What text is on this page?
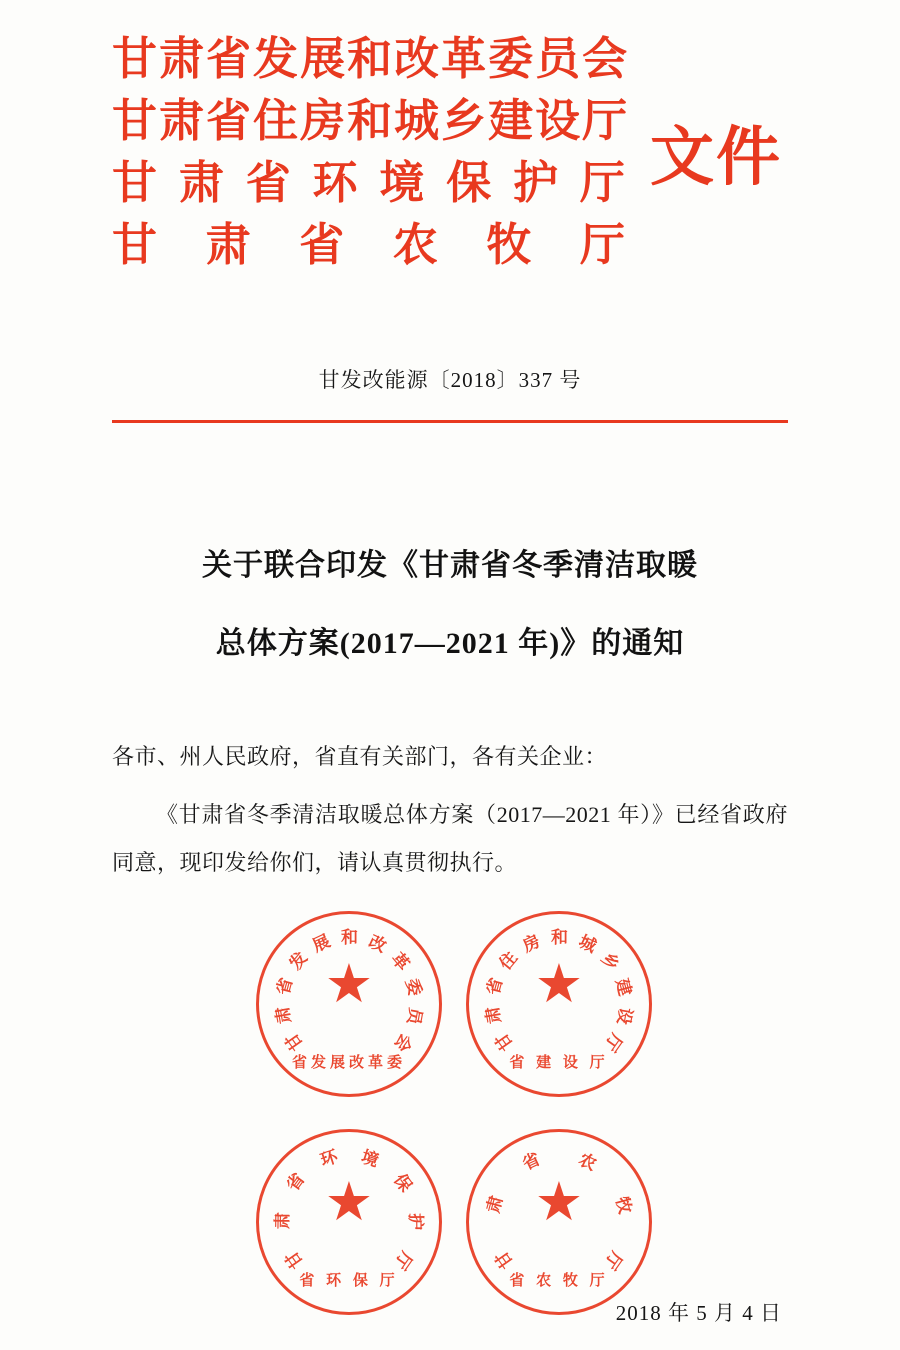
甘 肃 省 发 展 和 改 革 委 员 会
甘 肃 省 住 房 和 城 乡 建 设 厅
甘 肃 省 环 境 保 护 厅
甘 肃 省 农 牧 厅
文件
甘发改能源〔2018〕337 号
关于联合印发《甘肃省冬季清洁取暖
总体方案(2017—2021 年)》的通知
各市、州人民政府，省直有关部门，各有关企业：
《甘肃省冬季清洁取暖总体方案（2017—2021 年）》已经省政府同意，现印发给你们，请认真贯彻执行。
甘
肃
省
发
展 和 改
革
委
员
会
★
省发展改革委
甘
肃
省
住
房 和 城
乡
建
设
厅
★
省 建 设 厅
甘
肃
省
环 境
保
护
厅
★
省 环 保 厅
甘
肃
省 农
牧
厅
★
省 农 牧 厅
2018 年 5 月 4 日
